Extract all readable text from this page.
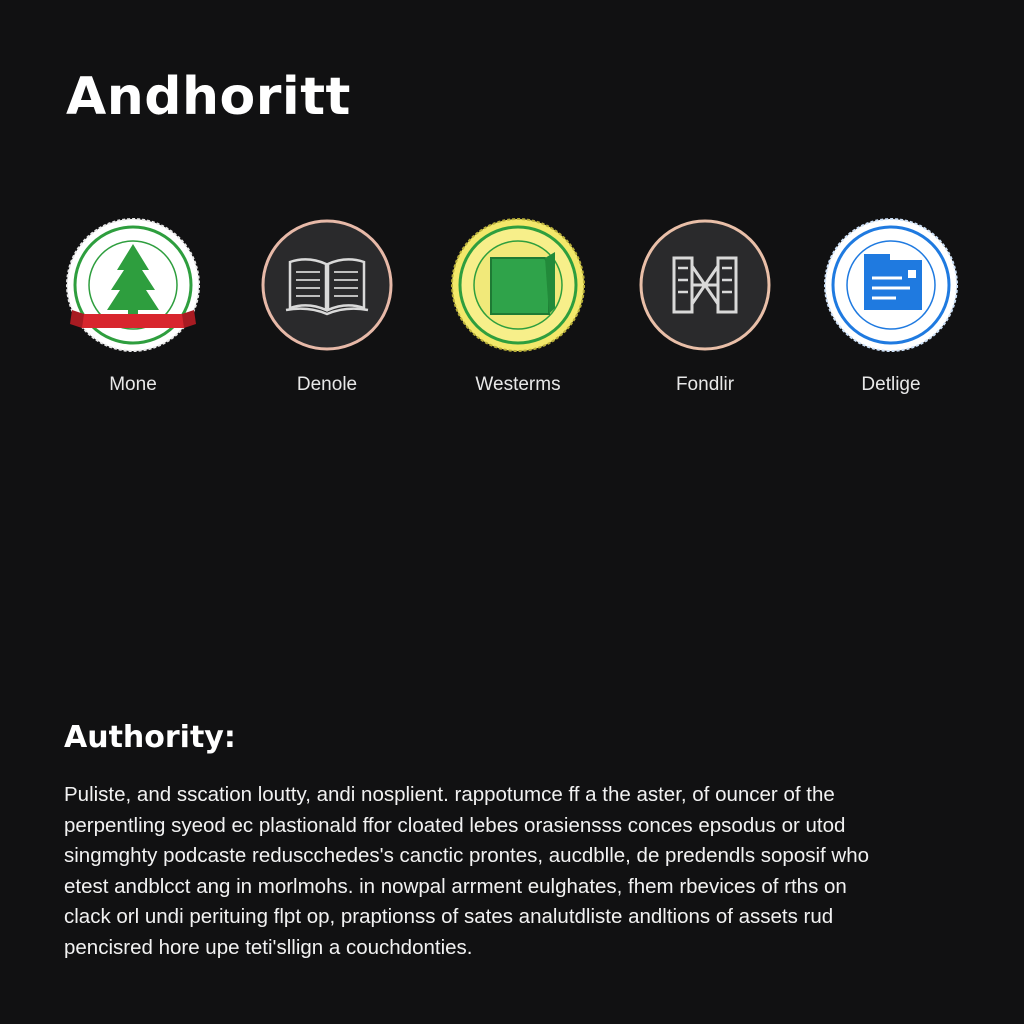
Andhoritt
Mone	Denole	Westerms	Fondlir	Detlige
Authority:

Puliste, and sscation loutty, andi nosplient. rappotumce ff a the aster, of ouncer of the
perpentling syeod ec plastionald ffor cloated lebes orasiensss conces epsodus or utod
singmghty podcaste reduscchedes's canctic prontes, aucdblle, de predendls soposif who
etest andblcct ang in morlmohs. in nowpal arrment eulghates, fhem rbevices of rths on
clack orl undi perituing flpt op, praptionss of sates analutdliste andltions of assets rud
pencisred hore upe teti'sllign a couchdonties.
